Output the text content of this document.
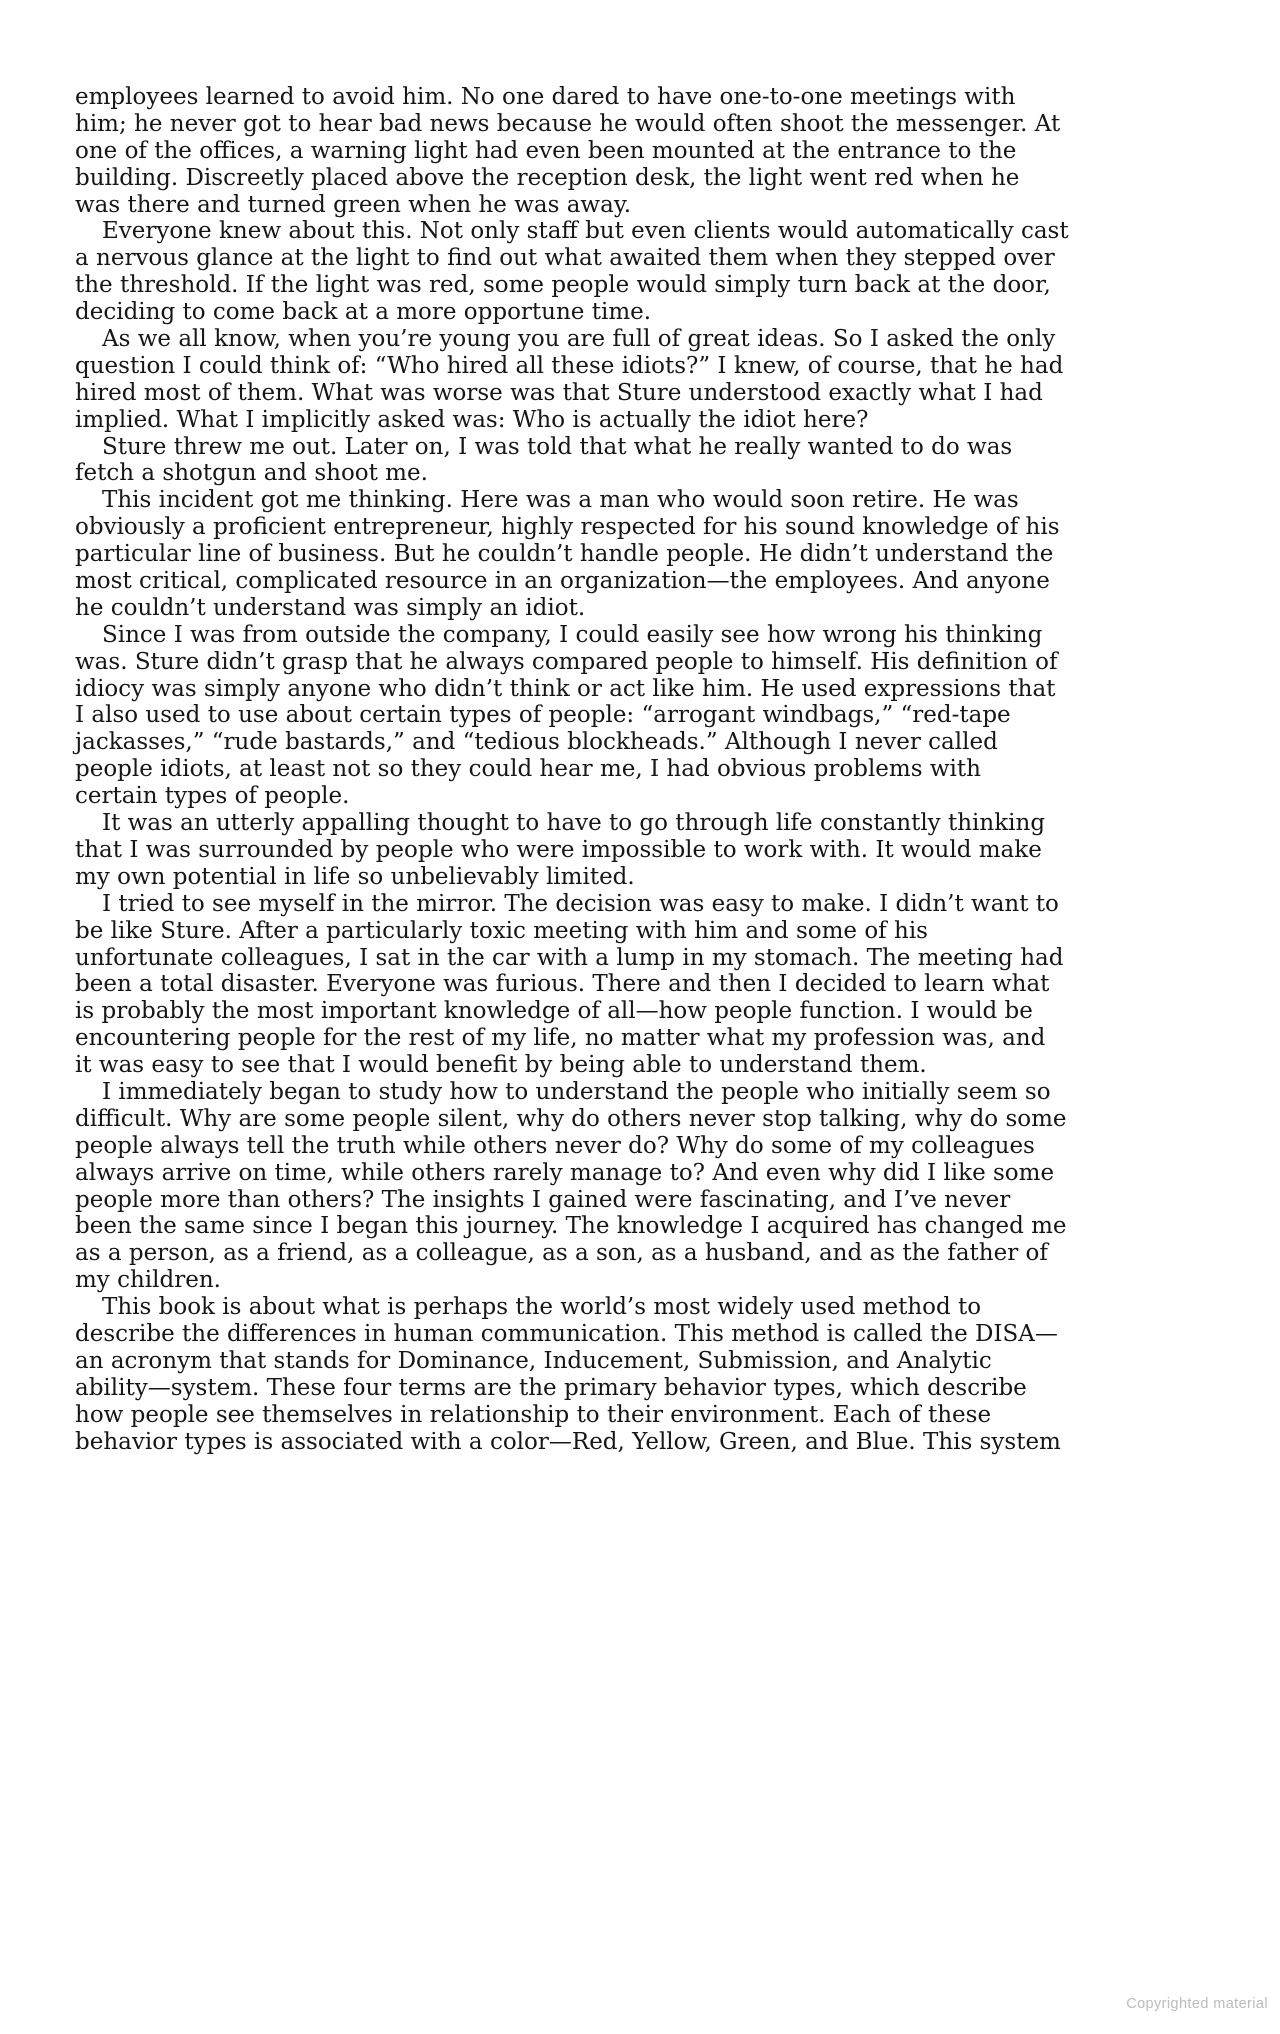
employees learned to avoid him. No one dared to have one-to-one meetings with
him; he never got to hear bad news because he would often shoot the messenger. At
one of the offices, a warning light had even been mounted at the entrance to the
building. Discreetly placed above the reception desk, the light went red when he
was there and turned green when he was away.

Everyone knew about this. Not only staff but even clients would automatically cast
a nervous glance at the light to find out what awaited them when they stepped over
the threshold. If the light was red, some people would simply turn back at the door,
deciding to come back at a more opportune time.

As we all know, when you’re young you are full of great ideas. So I asked the only
question I could think of: “Who hired all these idiots?” I knew, of course, that he had
hired most of them. What was worse was that Sture understood exactly what I had
implied. What I implicitly asked was: Who is actually the idiot here?

Sture threw me out. Later on, I was told that what he really wanted to do was
fetch a shotgun and shoot me.

This incident got me thinking. Here was a man who would soon retire. He was
obviously a proficient entrepreneur, highly respected for his sound knowledge of his
particular line of business. But he couldn’t handle people. He didn’t understand the
most critical, complicated resource in an organization—the employees. And anyone
he couldn’t understand was simply an idiot.

Since I was from outside the company, I could easily see how wrong his thinking
was. Sture didn’t grasp that he always compared people to himself. His definition of
idiocy was simply anyone who didn’t think or act like him. He used expressions that
I also used to use about certain types of people: “arrogant windbags,” “red-tape
jackasses,” “rude bastards,” and “tedious blockheads.” Although I never called
people idiots, at least not so they could hear me, I had obvious problems with
certain types of people.

It was an utterly appalling thought to have to go through life constantly thinking
that I was surrounded by people who were impossible to work with. It would make
my own potential in life so unbelievably limited.

I tried to see myself in the mirror. The decision was easy to make. I didn’t want to
be like Sture. After a particularly toxic meeting with him and some of his
unfortunate colleagues, I sat in the car with a lump in my stomach. The meeting had
been a total disaster. Everyone was furious. There and then I decided to learn what
is probably the most important knowledge of all—how people function. I would be
encountering people for the rest of my life, no matter what my profession was, and
it was easy to see that I would benefit by being able to understand them.

I immediately began to study how to understand the people who initially seem so
difficult. Why are some people silent, why do others never stop talking, why do some
people always tell the truth while others never do? Why do some of my colleagues
always arrive on time, while others rarely manage to? And even why did I like some
people more than others? The insights I gained were fascinating, and I’ve never
been the same since I began this journey. The knowledge I acquired has changed me
as a person, as a friend, as a colleague, as a son, as a husband, and as the father of
my children.

This book is about what is perhaps the world’s most widely used method to
describe the differences in human communication. This method is called the DISA—
an acronym that stands for Dominance, Inducement, Submission, and Analytic
ability—system. These four terms are the primary behavior types, which describe
how people see themselves in relationship to their environment. Each of these
behavior types is associated with a color—Red, Yellow, Green, and Blue. This system

Copyrighted material
